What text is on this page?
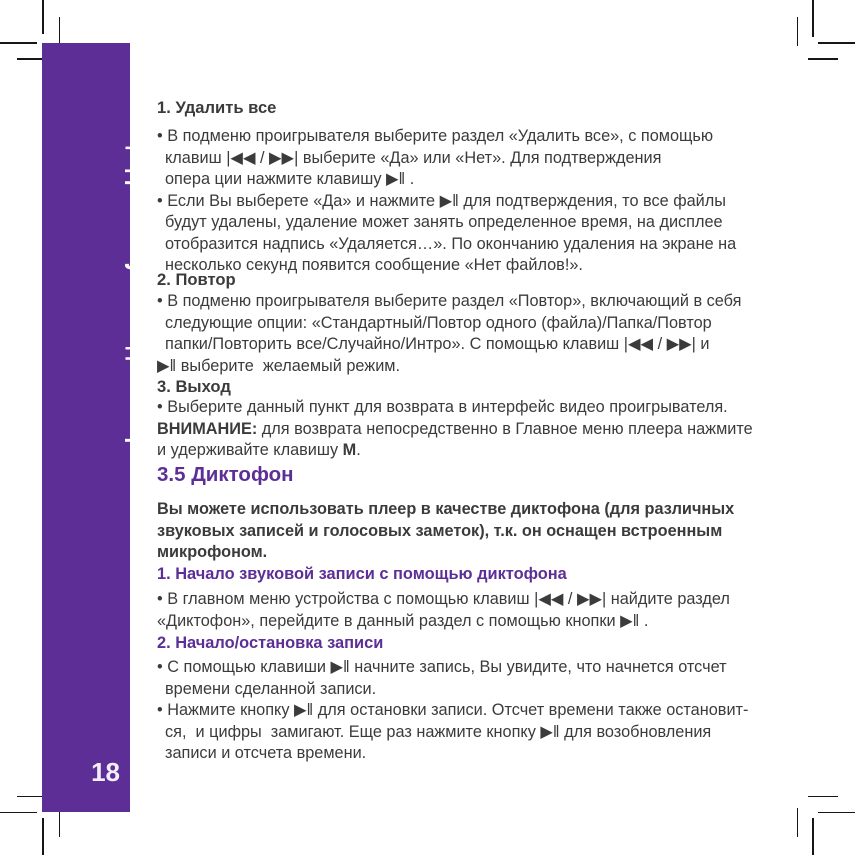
Цифровой мультимедиа плеер RF-4700
18
1. Удалить все
• В подменю проигрывателя выберите раздел «Удалить все», с помощью
клавиш |◀◀ / ▶▶| выберите «Да» или «Нет». Для подтверждения
опера ции нажмите клавишу ▶‖ .
• Если Вы выберете «Да» и нажмите ▶‖ для подтверждения, то все файлы
будут удалены, удаление может занять определенное время, на дисплее
отобразится надпись «Удаляется…». По окончанию удаления на экране на
несколько секунд появится сообщение «Нет файлов!».
2. Повтор
• В подменю проигрывателя выберите раздел «Повтор», включающий в себя
следующие опции: «Стандартный/Повтор одного (файла)/Папка/Повтор
папки/Повторить все/Случайно/Интро». С помощью клавиш |◀◀ / ▶▶| и
▶‖ выберите  желаемый режим.
3. Выход
• Выберите данный пункт для возврата в интерфейс видео проигрывателя.
ВНИМАНИЕ: для возврата непосредственно в Главное меню плеера нажмите
и удерживайте клавишу М.
3.5 Диктофон
Вы можете использовать плеер в качестве диктофона (для различных
звуковых записей и голосовых заметок), т.к. он оснащен встроенным
микрофоном.
1. Начало звуковой записи с помощью диктофона
• В главном меню устройства с помощью клавиш |◀◀ / ▶▶| найдите раздел
«Диктофон», перейдите в данный раздел с помощью кнопки ▶‖ .
2. Начало/остановка записи
• С помощью клавиши ▶‖ начните запись, Вы увидите, что начнется отсчет
времени сделанной записи.
• Нажмите кнопку ▶‖ для остановки записи. Отсчет времени также остановит-
ся,  и цифры  замигают. Еще раз нажмите кнопку ▶‖ для возобновления
записи и отсчета времени.
